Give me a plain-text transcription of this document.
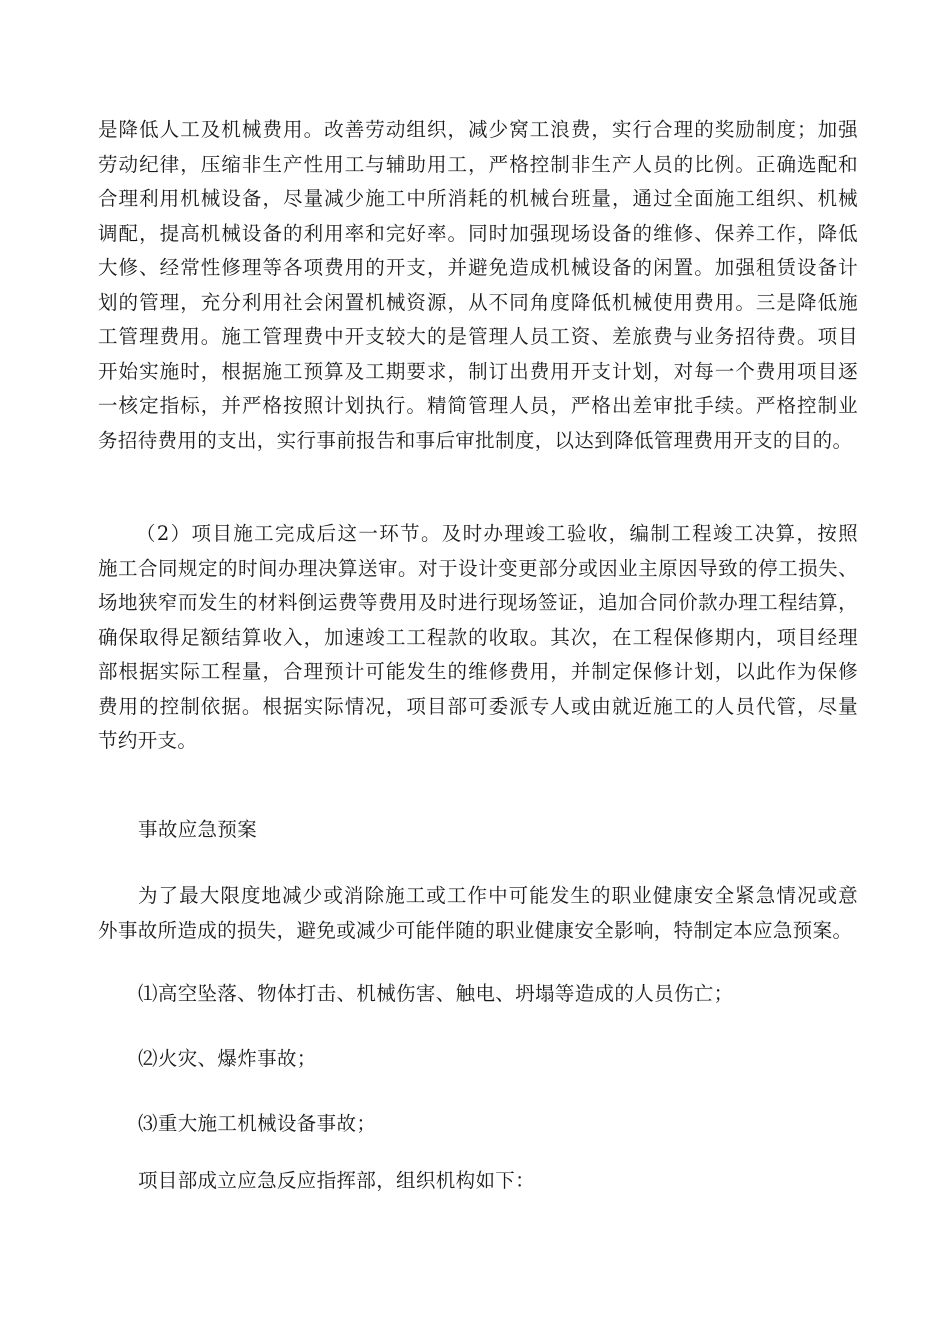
是降低人工及机械费用。改善劳动组织，减少窝工浪费，实行合理的奖励制度；加强
劳动纪律，压缩非生产性用工与辅助用工，严格控制非生产人员的比例。正确选配和
合理利用机械设备，尽量减少施工中所消耗的机械台班量，通过全面施工组织、机械
调配，提高机械设备的利用率和完好率。同时加强现场设备的维修、保养工作，降低
大修、经常性修理等各项费用的开支，并避免造成机械设备的闲置。加强租赁设备计
划的管理，充分利用社会闲置机械资源，从不同角度降低机械使用费用。三是降低施
工管理费用。施工管理费中开支较大的是管理人员工资、差旅费与业务招待费。项目
开始实施时，根据施工预算及工期要求，制订出费用开支计划，对每一个费用项目逐
一核定指标，并严格按照计划执行。精简管理人员，严格出差审批手续。严格控制业
务招待费用的支出，实行事前报告和事后审批制度，以达到降低管理费用开支的目的。
（2）项目施工完成后这一环节。及时办理竣工验收，编制工程竣工决算，按照
施工合同规定的时间办理决算送审。对于设计变更部分或因业主原因导致的停工损失、
场地狭窄而发生的材料倒运费等费用及时进行现场签证，追加合同价款办理工程结算，
确保取得足额结算收入，加速竣工工程款的收取。其次，在工程保修期内，项目经理
部根据实际工程量，合理预计可能发生的维修费用，并制定保修计划，以此作为保修
费用的控制依据。根据实际情况，项目部可委派专人或由就近施工的人员代管，尽量
节约开支。
事故应急预案
为了最大限度地减少或消除施工或工作中可能发生的职业健康安全紧急情况或意
外事故所造成的损失，避免或减少可能伴随的职业健康安全影响，特制定本应急预案。
⑴高空坠落、物体打击、机械伤害、触电、坍塌等造成的人员伤亡；
⑵火灾、爆炸事故；
⑶重大施工机械设备事故；
项目部成立应急反应指挥部，组织机构如下：
